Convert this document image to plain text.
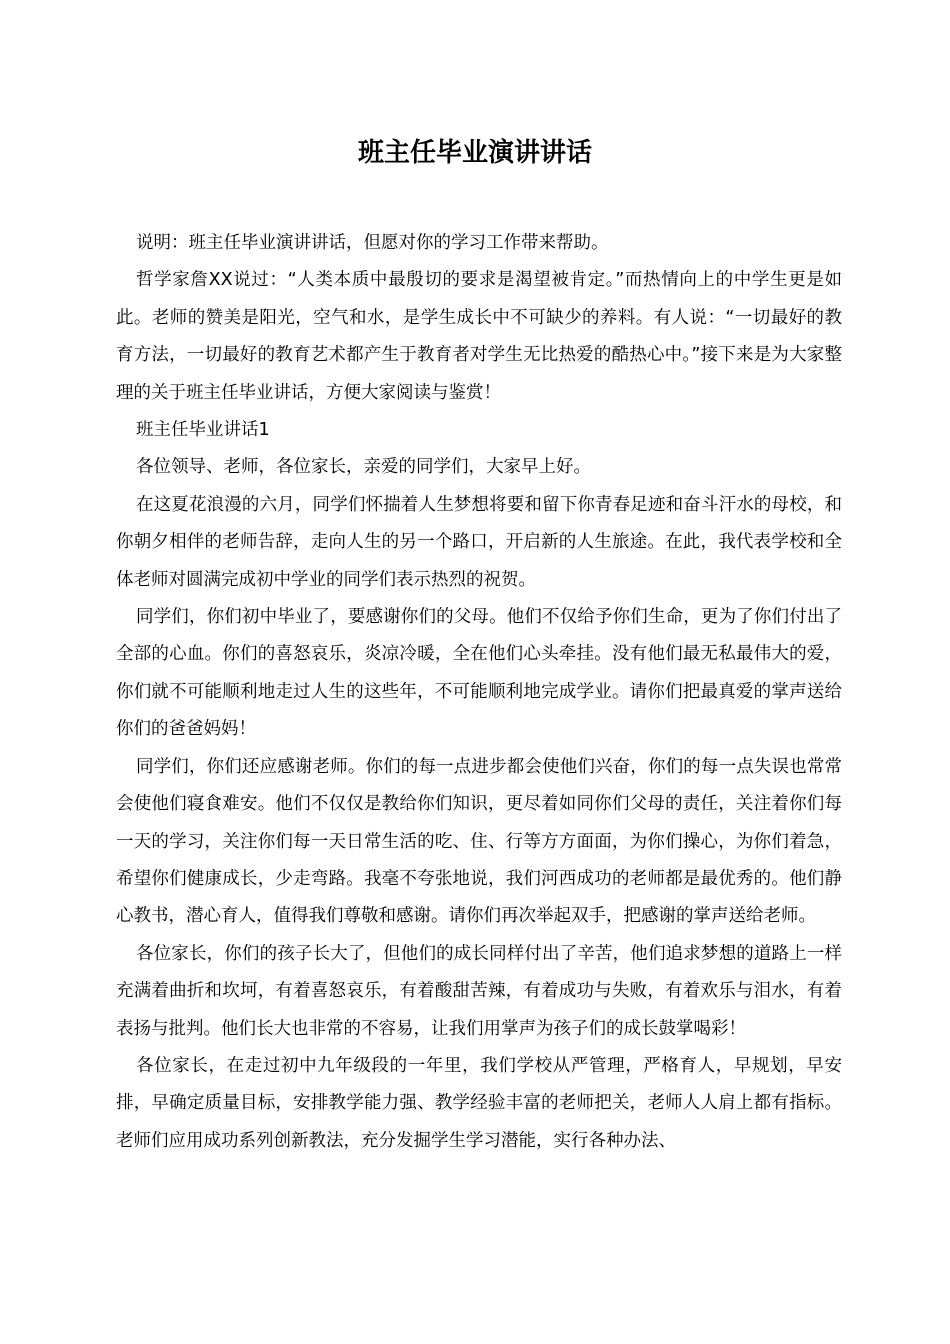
班主任毕业演讲讲话

说明：班主任毕业演讲讲话，但愿对你的学习工作带来帮助。

哲学家詹XX说过：“人类本质中最殷切的要求是渴望被肯定。”而热情向上的中学生更是如此。老师的赞美是阳光，空气和水，是学生成长中不可缺少的养料。有人说：“一切最好的教育方法，一切最好的教育艺术都产生于教育者对学生无比热爱的酷热心中。”接下来是为大家整理的关于班主任毕业讲话，方便大家阅读与鉴赏！

班主任毕业讲话1

各位领导、老师，各位家长，亲爱的同学们，大家早上好。

在这夏花浪漫的六月，同学们怀揣着人生梦想将要和留下你青春足迹和奋斗汗水的母校，和你朝夕相伴的老师告辞，走向人生的另一个路口，开启新的人生旅途。在此，我代表学校和全体老师对圆满完成初中学业的同学们表示热烈的祝贺。

同学们，你们初中毕业了，要感谢你们的父母。他们不仅给予你们生命，更为了你们付出了全部的心血。你们的喜怒哀乐，炎凉冷暖，全在他们心头牵挂。没有他们最无私最伟大的爱，你们就不可能顺利地走过人生的这些年，不可能顺利地完成学业。请你们把最真爱的掌声送给你们的爸爸妈妈！

同学们，你们还应感谢老师。你们的每一点进步都会使他们兴奋，你们的每一点失误也常常会使他们寝食难安。他们不仅仅是教给你们知识，更尽着如同你们父母的责任，关注着你们每一天的学习，关注你们每一天日常生活的吃、住、行等方方面面，为你们操心，为你们着急，希望你们健康成长，少走弯路。我毫不夸张地说，我们河西成功的老师都是最优秀的。他们静心教书，潜心育人，值得我们尊敬和感谢。请你们再次举起双手，把感谢的掌声送给老师。

各位家长，你们的孩子长大了，但他们的成长同样付出了辛苦，他们追求梦想的道路上一样充满着曲折和坎坷，有着喜怒哀乐，有着酸甜苦辣，有着成功与失败，有着欢乐与泪水，有着表扬与批判。他们长大也非常的不容易，让我们用掌声为孩子们的成长鼓掌喝彩！

各位家长，在走过初中九年级段的一年里，我们学校从严管理，严格育人，早规划，早安排，早确定质量目标，安排教学能力强、教学经验丰富的老师把关，老师人人肩上都有指标。老师们应用成功系列创新教法，充分发掘学生学习潜能，实行各种办法、
